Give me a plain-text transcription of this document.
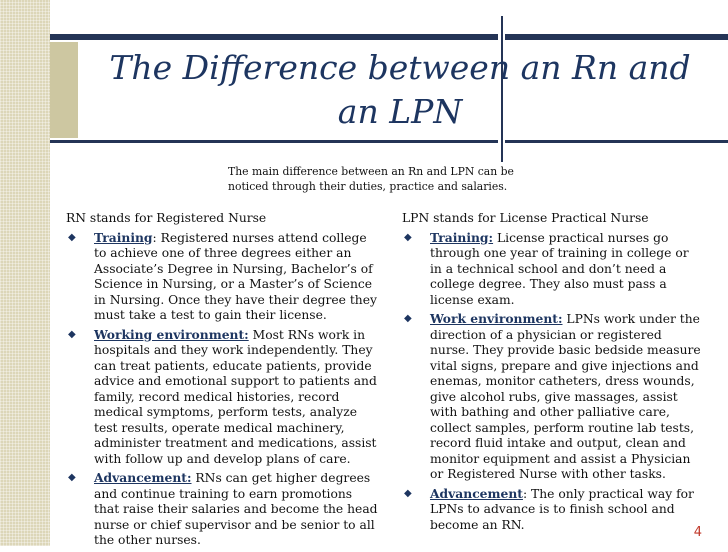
The Difference between an Rn and an LPN
The main difference between an Rn and LPN can be noticed through their duties, practice and salaries.

RN stands for Registered Nurse

◆ Training: Registered nurses attend college to achieve one of three degrees either an Associate’s Degree in Nursing, Bachelor’s of Science in Nursing, or a Master’s of Science in Nursing. Once they have their degree they must take a test to gain their license.
◆ Working environment: Most RNs work in hospitals and they work independently. They can treat patients, educate patients, provide advice and emotional support to patients and family, record medical histories, record medical symptoms, perform tests, analyze test results, operate medical machinery, administer treatment and medications, assist with follow up and develop plans of care.
◆ Advancement: RNs can get higher degrees and continue training to earn promotions that raise their salaries and become the head nurse or chief supervisor and be senior to all the other nurses.

LPN stands for License Practical Nurse

◆ Training: License practical nurses go through one year of training in college or in a technical school and don’t need a college degree. They also must pass a license exam.
◆ Work environment: LPNs work under the direction of a physician or registered nurse. They provide basic bedside measure vital signs, prepare and give injections and enemas, monitor catheters, dress wounds, give alcohol rubs, give massages, assist with bathing and other palliative care, collect samples, perform routine lab tests, record fluid intake and output, clean and monitor equipment and assist a Physician or Registered Nurse with other tasks.
◆ Advancement: The only practical way for LPNs to advance is to finish school and become an RN.
4
